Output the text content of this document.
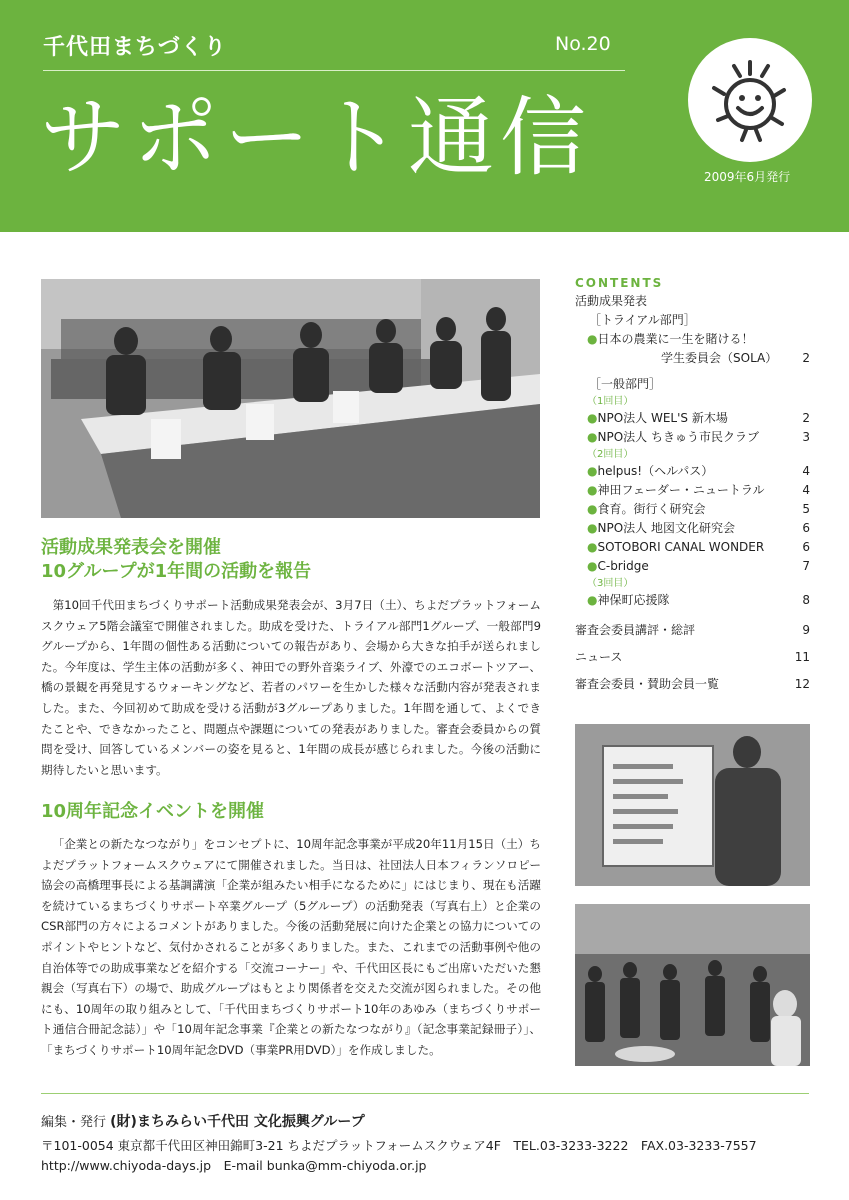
千代田まちづくり	No.20
サポート通信	2009年6月発行
活動成果発表会を開催
10グループが1年間の活動を報告
第10回千代田まちづくりサポート活動成果発表会が、3月7日（土）、ちよだプラットフォームスクウェア5階会議室で開催されました。助成を受けた、トライアル部門1グループ、一般部門9グループから、1年間の個性ある活動についての報告があり、会場から大きな拍手が送られました。今年度は、学生主体の活動が多く、神田での野外音楽ライブ、外濠でのエコボートツアー、橋の景観を再発見するウォーキングなど、若者のパワーを生かした様々な活動内容が発表されました。また、今回初めて助成を受ける活動が3グループありました。1年間を通して、よくできたことや、できなかったこと、問題点や課題についての発表がありました。審査会委員からの質問を受け、回答しているメンバーの姿を見ると、1年間の成長が感じられました。今後の活動に期待したいと思います。
10周年記念イベントを開催
「企業との新たなつながり」をコンセプトに、10周年記念事業が平成20年11月15日（土）ちよだプラットフォームスクウェアにて開催されました。当日は、社団法人日本フィランソロピー協会の高橋理事長による基調講演「企業が組みたい相手になるために」にはじまり、現在も活躍を続けているまちづくりサポート卒業グループ（5グループ）の活動発表（写真右上）と企業のCSR部門の方々によるコメントがありました。今後の活動発展に向けた企業との協力についてのポイントやヒントなど、気付かされることが多くありました。また、これまでの活動事例や他の自治体等での助成事業などを紹介する「交流コーナー」や、千代田区長にもご出席いただいた懇親会（写真右下）の場で、助成グループはもとより関係者を交えた交流が図られました。その他にも、10周年の取り組みとして、「千代田まちづくりサポート10年のあゆみ（まちづくりサポート通信合冊記念誌）」や「10周年記念事業『企業との新たなつながり』（記念事業記録冊子）」、「まちづくりサポート10周年記念DVD（事業PR用DVD）」を作成しました。
CONTENTS
活動成果発表
［トライアル部門］
●日本の農業に一生を賭ける！
学生委員会（SOLA） 2
［一般部門］
（1回目）
●NPO法人 WEL'S 新木場	2
●NPO法人 ちきゅう市民クラブ	3
（2回目）
●helpus!（ヘルパス）	4
●神田フェーダー・ニュートラル	4
●食育。街行く研究会	5
●NPO法人 地図文化研究会	6
●SOTOBORI CANAL WONDER	6
●C-bridge	7
（3回目）
●神保町応援隊	8
審査会委員講評・総評	9
ニュース	11
審査会委員・賛助会員一覧	12
編集・発行 (財)まちみらい千代田 文化振興グループ
〒101-0054 東京都千代田区神田錦町3-21 ちよだプラットフォームスクウェア4F　TEL.03-3233-3222　FAX.03-3233-7557
http://www.chiyoda-days.jp　E-mail bunka@mm-chiyoda.or.jp
